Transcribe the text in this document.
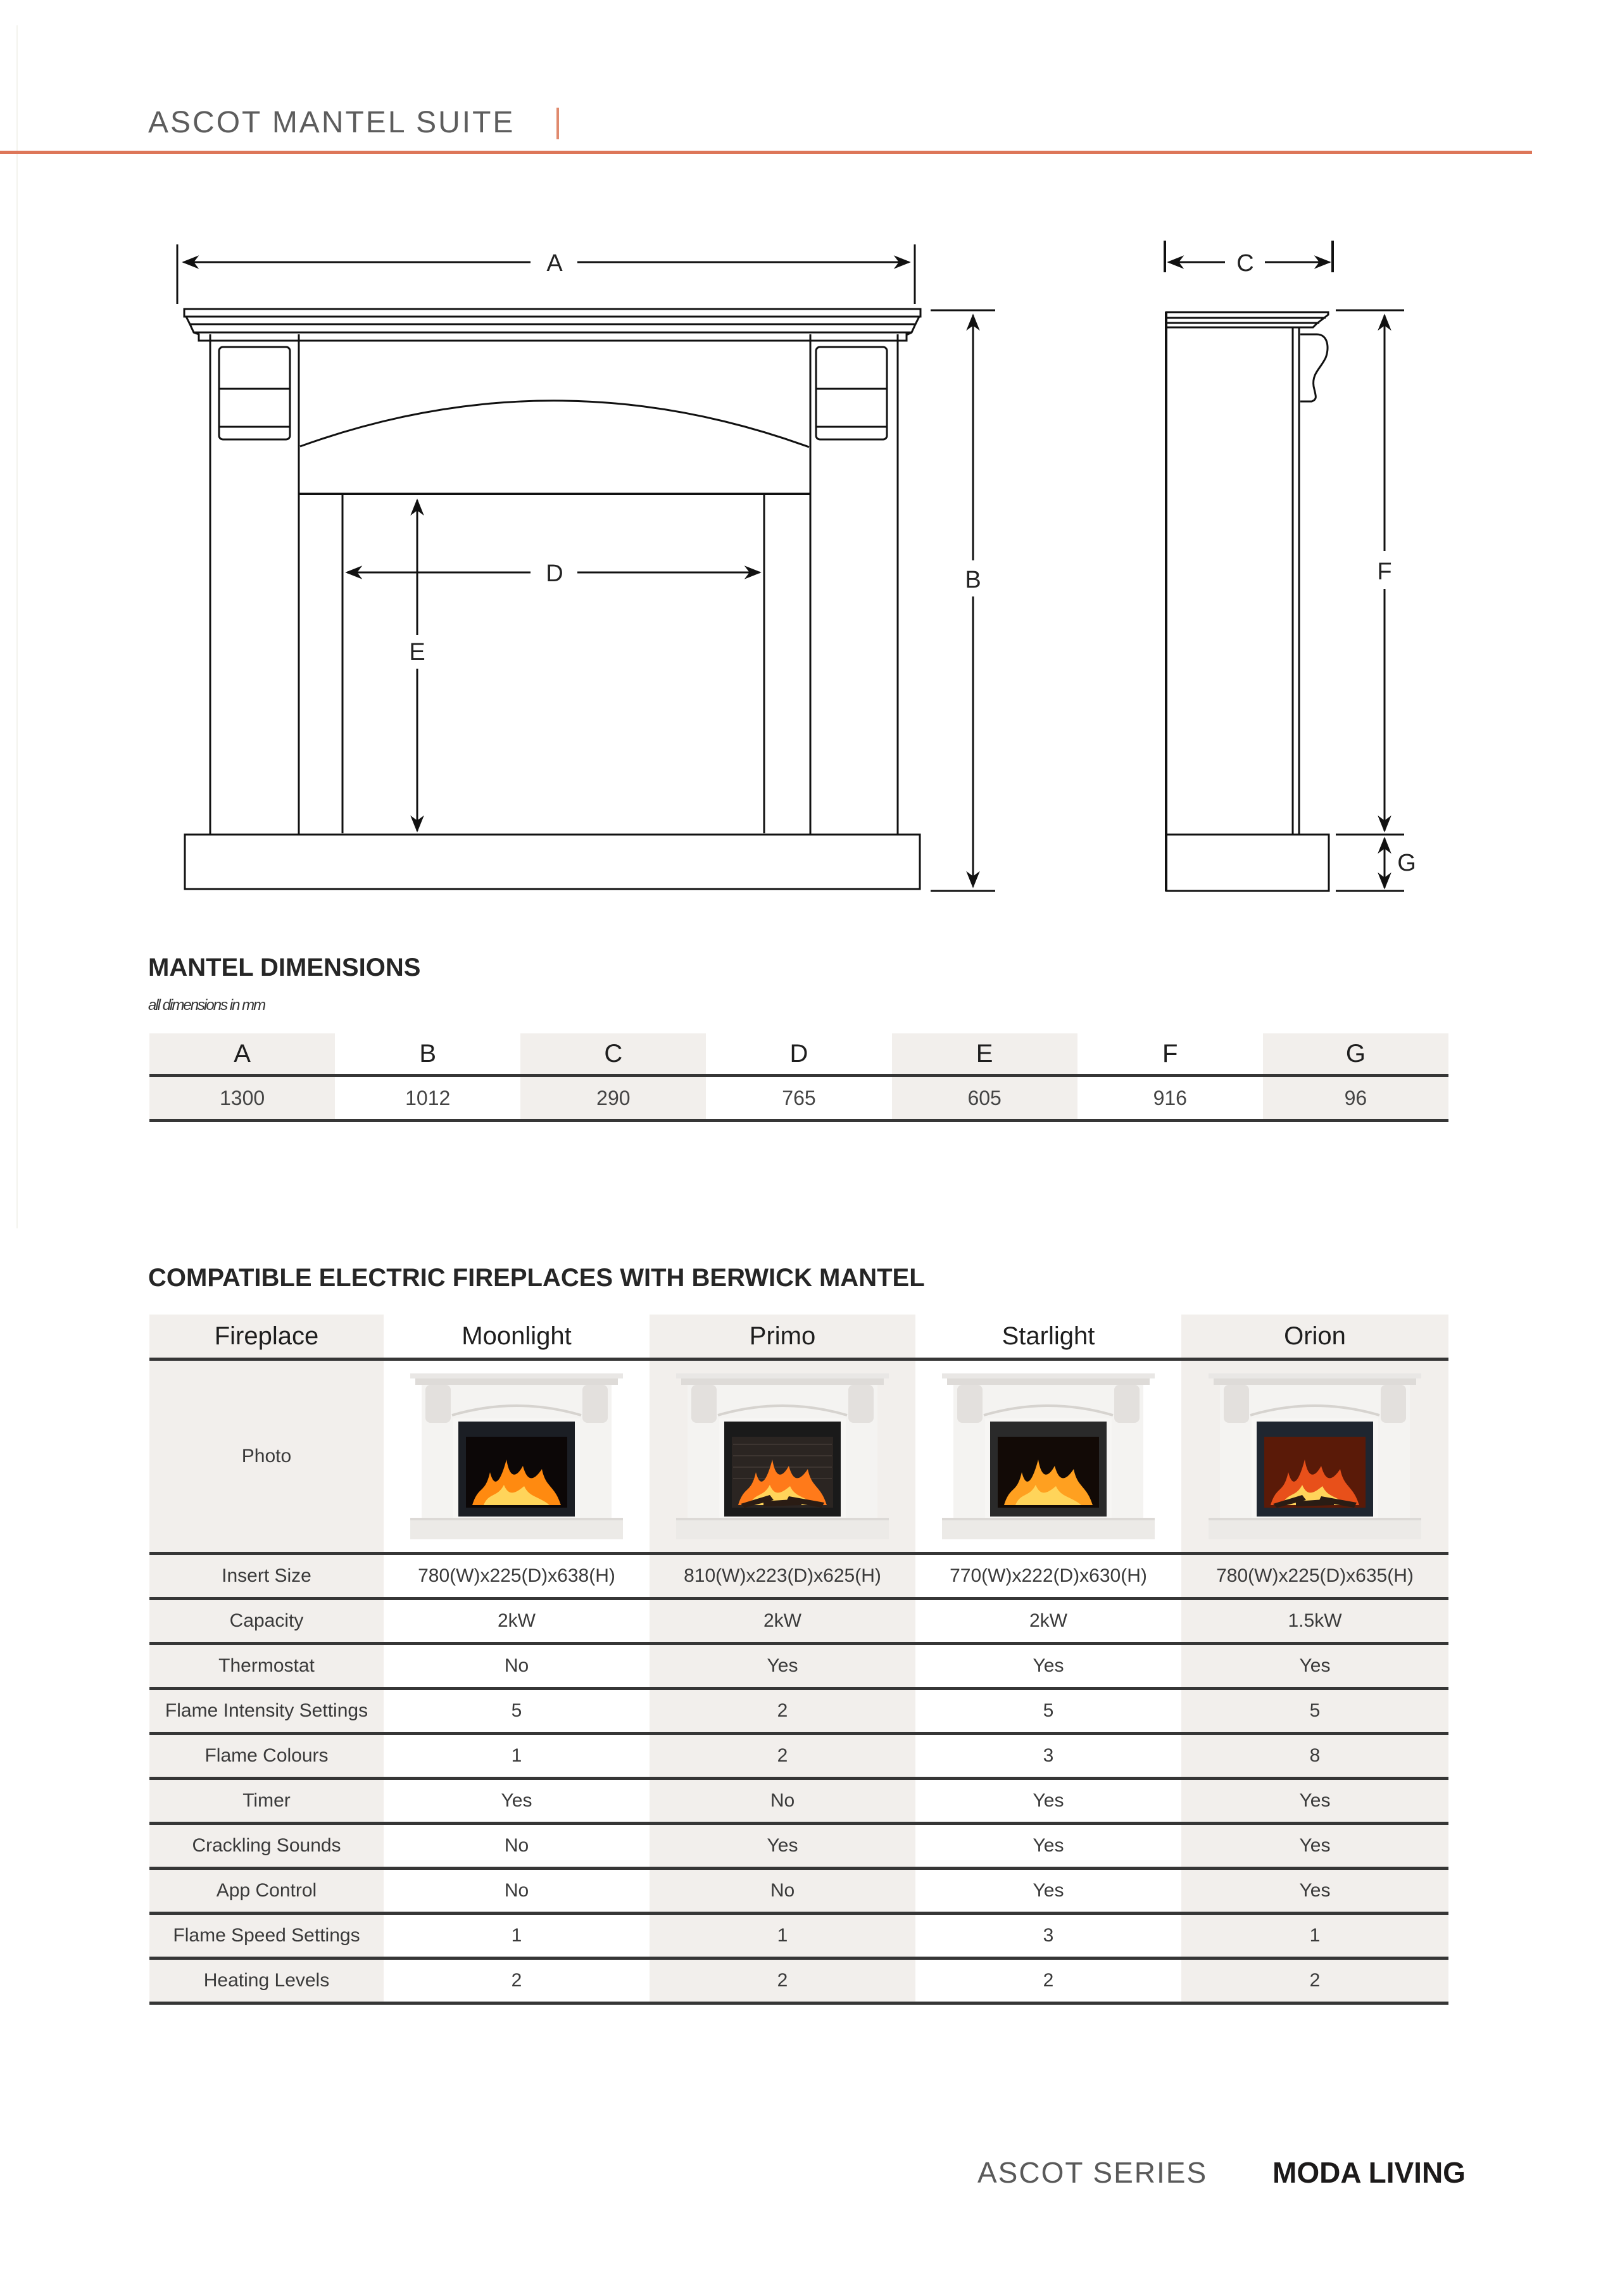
ASCOT MANTEL SUITE
A
D
E
B
C
F
G
MANTEL DIMENSIONS
all dimensions in mm
A	B	C	D	E	F	G
1300	1012	290	765	605	916	96
COMPATIBLE ELECTRIC FIREPLACES WITH BERWICK MANTEL
Fireplace	Moonlight	Primo	Starlight	Orion
Photo	

Insert Size	780(W)x225(D)x638(H)	810(W)x223(D)x625(H)	770(W)x222(D)x630(H)	780(W)x225(D)x635(H)
Capacity	2kW	2kW	2kW	1.5kW
Thermostat	No	Yes	Yes	Yes
Flame Intensity Settings	5	2	5	5
Flame Colours	1	2	3	8
Timer	Yes	No	Yes	Yes
Crackling Sounds	No	Yes	Yes	Yes
App Control	No	No	Yes	Yes
Flame Speed Settings	1	1	3	1
Heating Levels	2	2	2	2
ASCOT SERIES MODA LIVING
